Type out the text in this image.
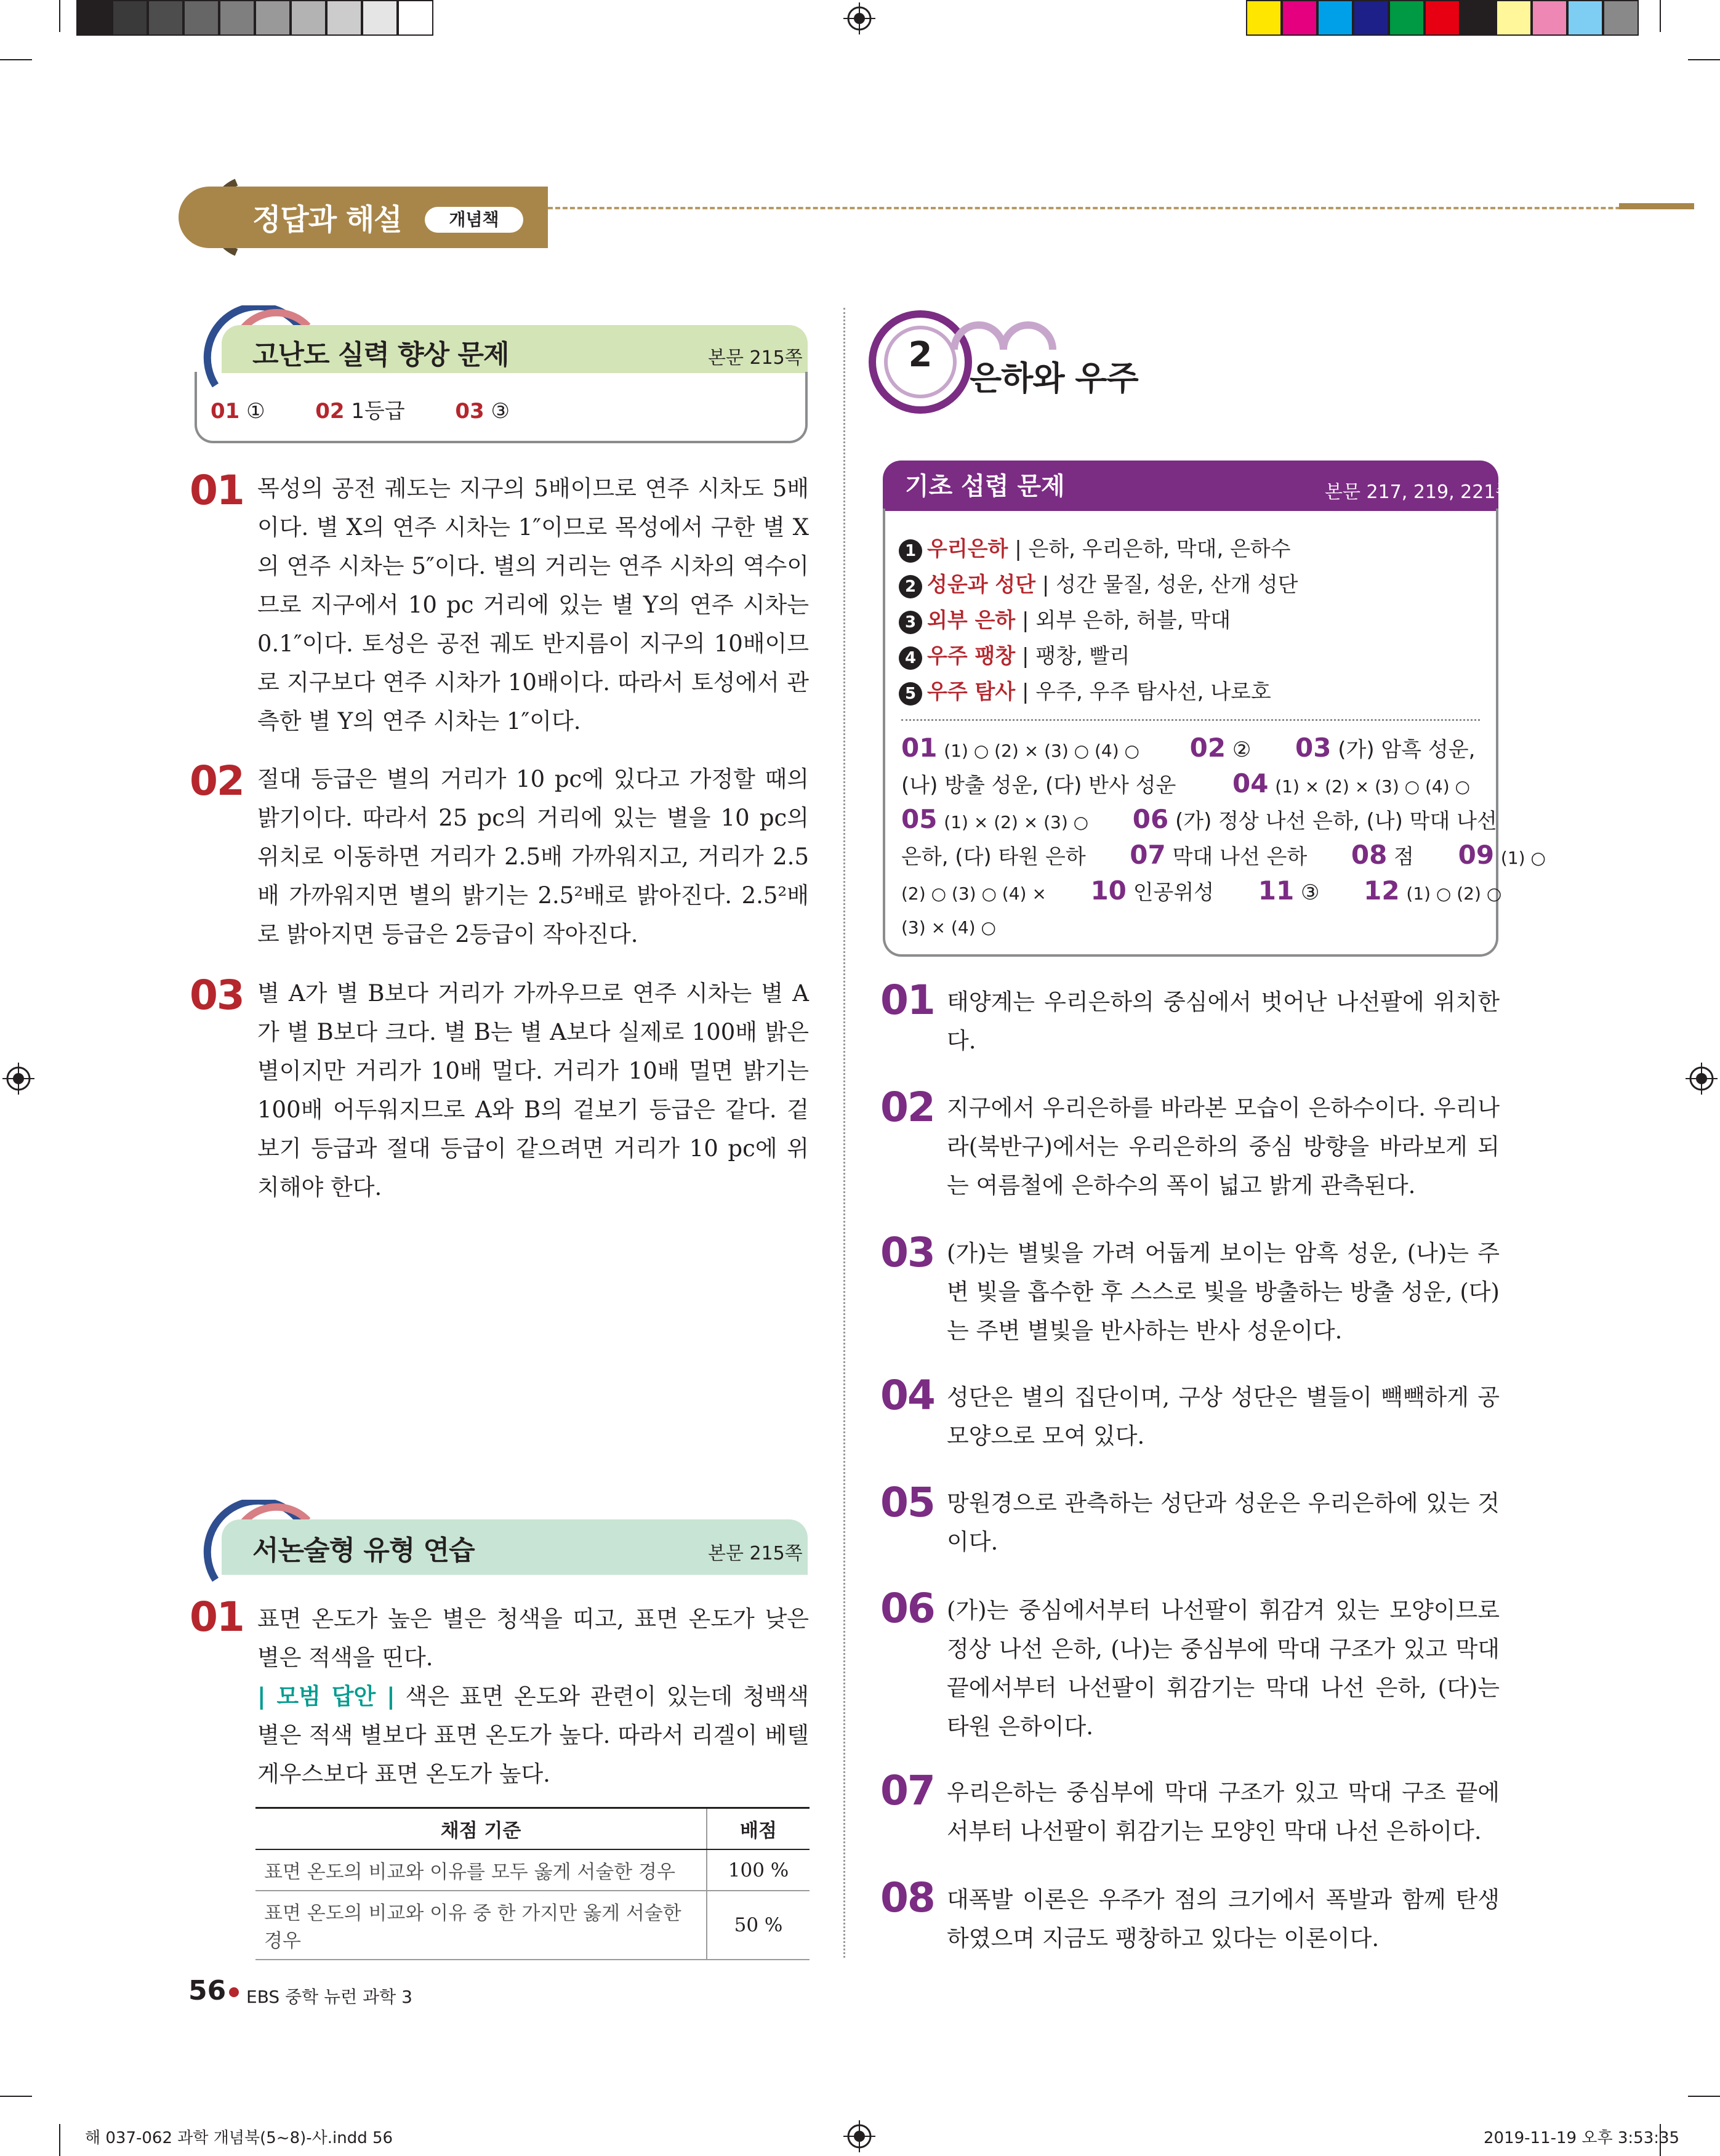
정답과 해설	개념책
고난도 실력 향상 문제	본문 215쪽
01 ① 02 1등급 03 ③
01 목성의 공전 궤도는 지구의 5배이므로 연주 시차도 5배이다. 별 X의 연주 시차는 1″이므로 목성에서 구한 별 X의 연주 시차는 5″이다. 별의 거리는 연주 시차의 역수이므로 지구에서 10 pc 거리에 있는 별 Y의 연주 시차는 0.1″이다. 토성은 공전 궤도 반지름이 지구의 10배이므로 지구보다 연주 시차가 10배이다. 따라서 토성에서 관측한 별 Y의 연주 시차는 1″이다.
02 절대 등급은 별의 거리가 10 pc에 있다고 가정할 때의 밝기이다. 따라서 25 pc의 거리에 있는 별을 10 pc의 위치로 이동하면 거리가 2.5배 가까워지고, 거리가 2.5배 가까워지면 별의 밝기는 2.5²배로 밝아진다. 2.5²배로 밝아지면 등급은 2등급이 작아진다.
03 별 A가 별 B보다 거리가 가까우므로 연주 시차는 별 A가 별 B보다 크다. 별 B는 별 A보다 실제로 100배 밝은 별이지만 거리가 10배 멀다. 거리가 10배 멀면 밝기는 100배 어두워지므로 A와 B의 겉보기 등급은 같다. 겉보기 등급과 절대 등급이 같으려면 거리가 10 pc에 위치해야 한다.
서논술형 유형 연습	본문 215쪽
01 표면 온도가 높은 별은 청색을 띠고, 표면 온도가 낮은 별은 적색을 띤다.
| 모범 답안 | 색은 표면 온도와 관련이 있는데 청백색 별은 적색 별보다 표면 온도가 높다. 따라서 리겔이 베텔게우스보다 표면 온도가 높다.
채점 기준	배점
표면 온도의 비교와 이유를 모두 옳게 서술한 경우	100 %
표면 온도의 비교와 이유 중 한 가지만 옳게 서술한 경우	50 %
2
은하와 우주
기초 섭렵 문제	본문 217, 219, 221쪽
1 우리은하 | 은하, 우리은하, 막대, 은하수
2 성운과 성단 | 성간 물질, 성운, 산개 성단
3 외부 은하 | 외부 은하, 허블, 막대
4 우주 팽창 | 팽창, 빨리
5 우주 탐사 | 우주, 우주 탐사선, 나로호
01 (1) ○ (2) × (3) ○ (4) ○ 02 ② 03 (가) 암흑 성운,
(나) 방출 성운, (다) 반사 성운 04 (1) × (2) × (3) ○ (4) ○
05 (1) × (2) × (3) ○ 06 (가) 정상 나선 은하, (나) 막대 나선
은하, (다) 타원 은하 07 막대 나선 은하 08 점 09 (1) ○
(2) ○ (3) ○ (4) × 10 인공위성 11 ③ 12 (1) ○ (2) ○
(3) × (4) ○
01 태양계는 우리은하의 중심에서 벗어난 나선팔에 위치한다.
02 지구에서 우리은하를 바라본 모습이 은하수이다. 우리나라(북반구)에서는 우리은하의 중심 방향을 바라보게 되는 여름철에 은하수의 폭이 넓고 밝게 관측된다.
03 (가)는 별빛을 가려 어둡게 보이는 암흑 성운, (나)는 주변 빛을 흡수한 후 스스로 빛을 방출하는 방출 성운, (다)는 주변 별빛을 반사하는 반사 성운이다.
04 성단은 별의 집단이며, 구상 성단은 별들이 빽빽하게 공 모양으로 모여 있다.
05 망원경으로 관측하는 성단과 성운은 우리은하에 있는 것이다.
06 (가)는 중심에서부터 나선팔이 휘감겨 있는 모양이므로 정상 나선 은하, (나)는 중심부에 막대 구조가 있고 막대 끝에서부터 나선팔이 휘감기는 막대 나선 은하, (다)는 타원 은하이다.
07 우리은하는 중심부에 막대 구조가 있고 막대 구조 끝에서부터 나선팔이 휘감기는 모양인 막대 나선 은하이다.
08 대폭발 이론은 우주가 점의 크기에서 폭발과 함께 탄생하였으며 지금도 팽창하고 있다는 이론이다.
56 EBS 중학 뉴런 과학 3
해 037-062 과학 개념북(5~8)-사.indd 56	2019-11-19 오후 3:53:35
